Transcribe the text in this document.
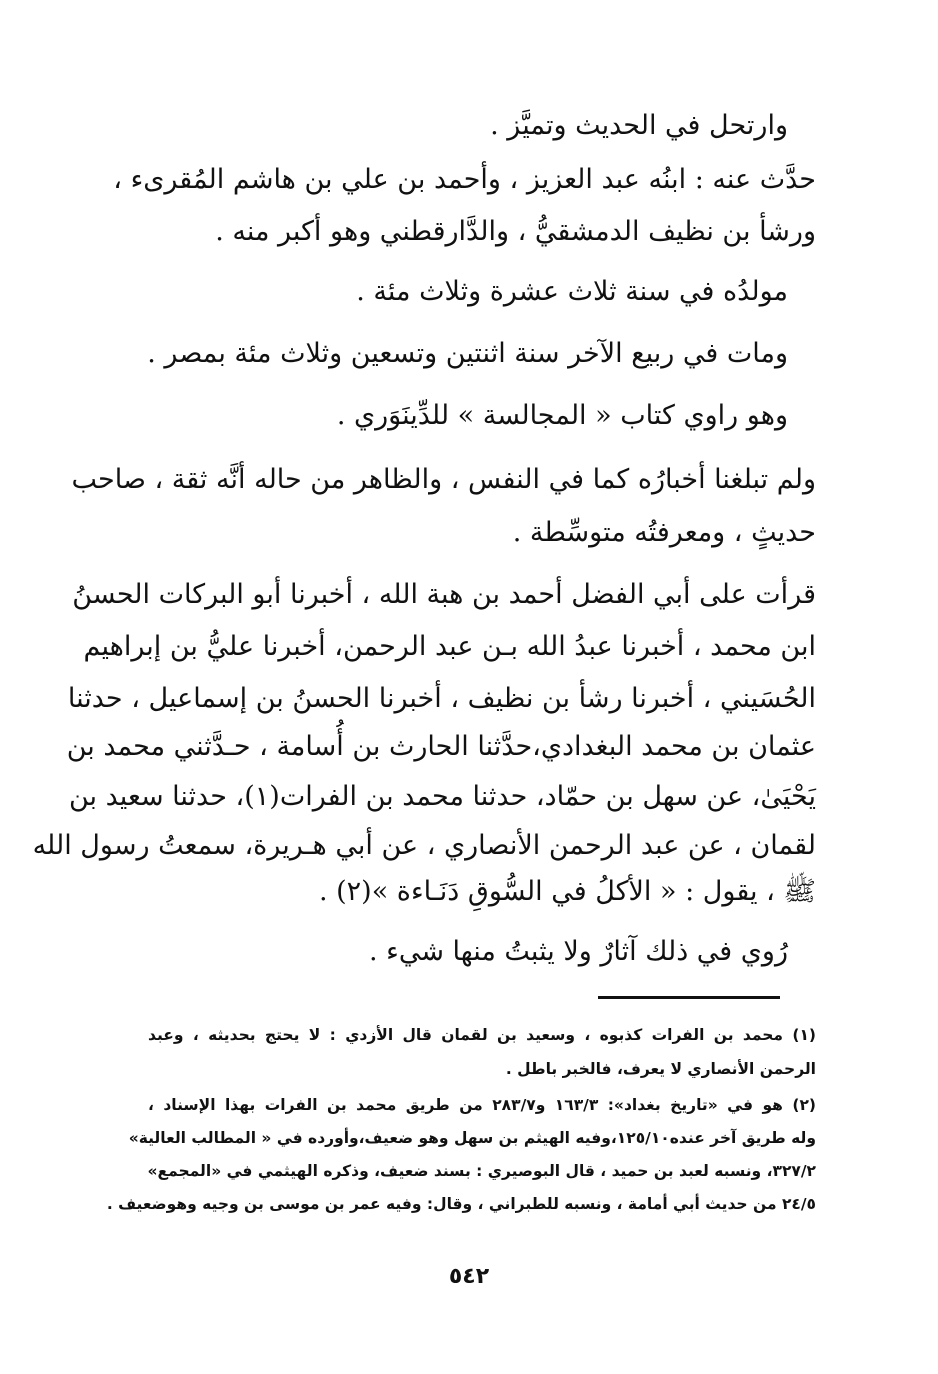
وارتحل في الحديث وتميَّز .
حدَّث عنه : ابنُه عبد العزيز ، وأحمد بن علي بن هاشم المُقرىء ،
ورشأ بن نظيف الدمشقيُّ ، والدَّارقطني وهو أكبر منه .
مولدُه في سنة ثلاث عشرة وثلاث مئة .
ومات في ربيع الآخر سنة اثنتين وتسعين وثلاث مئة بمصر .
وهو راوي كتاب « المجالسة » للدِّينَوَري .
ولم تبلغنا أخبارُه كما في النفس ، والظاهر من حاله أنَّه ثقة ، صاحب
حديثٍ ، ومعرفتُه متوسِّطة .
قرأت على أبي الفضل أحمد بن هبة الله ، أخبرنا أبو البركات الحسنُ
ابن محمد ، أخبرنا عبدُ الله بـن عبد الرحمن، أخبرنا عليُّ بن إبراهيم
الحُسَيني ، أخبرنا رشأ بن نظيف ، أخبرنا الحسنُ بن إسماعيل ، حدثنا
عثمان بن محمد البغدادي،حدَّثنا الحارث بن أُسامة ، حـدَّثني محمد بن
يَحْيَىٰ، عن سهل بن حمّاد، حدثنا محمد بن الفرات(١)، حدثنا سعيد بن
لقمان ، عن عبد الرحمن الأنصاري ، عن أبي هـريرة، سمعتُ رسول الله
ﷺ ، يقول : « الأكلُ في السُّوقِ دَنَـاءة »(٢) .
رُوي في ذلك آثارٌ ولا يثبتُ منها شيء .
(١) محمد بن الفرات كذبوه ، وسعيد بن لقمان قال الأزدي : لا يحتج بحديثه ، وعبد
الرحمن الأنصاري لا يعرف، فالخبر باطل .
(٢) هو في «تاريخ بغداد»: ١٦٣/٣ و٢٨٣/٧ من طريق محمد بن الفرات بهذا الإسناد ،
وله طريق آخر عنده١٢٥/١٠،وفيه الهيثم بن سهل وهو ضعيف،وأورده في « المطالب العالية»
٣٢٧/٢، ونسبه لعبد بن حميد ، قال البوصيري : بسند ضعيف، وذكره الهيثمي في «المجمع»
٢٤/٥ من حديث أبي أمامة ، ونسبه للطبراني ، وقال: وفيه عمر بن موسى بن وجيه وهوضعيف .
٥٤٢
